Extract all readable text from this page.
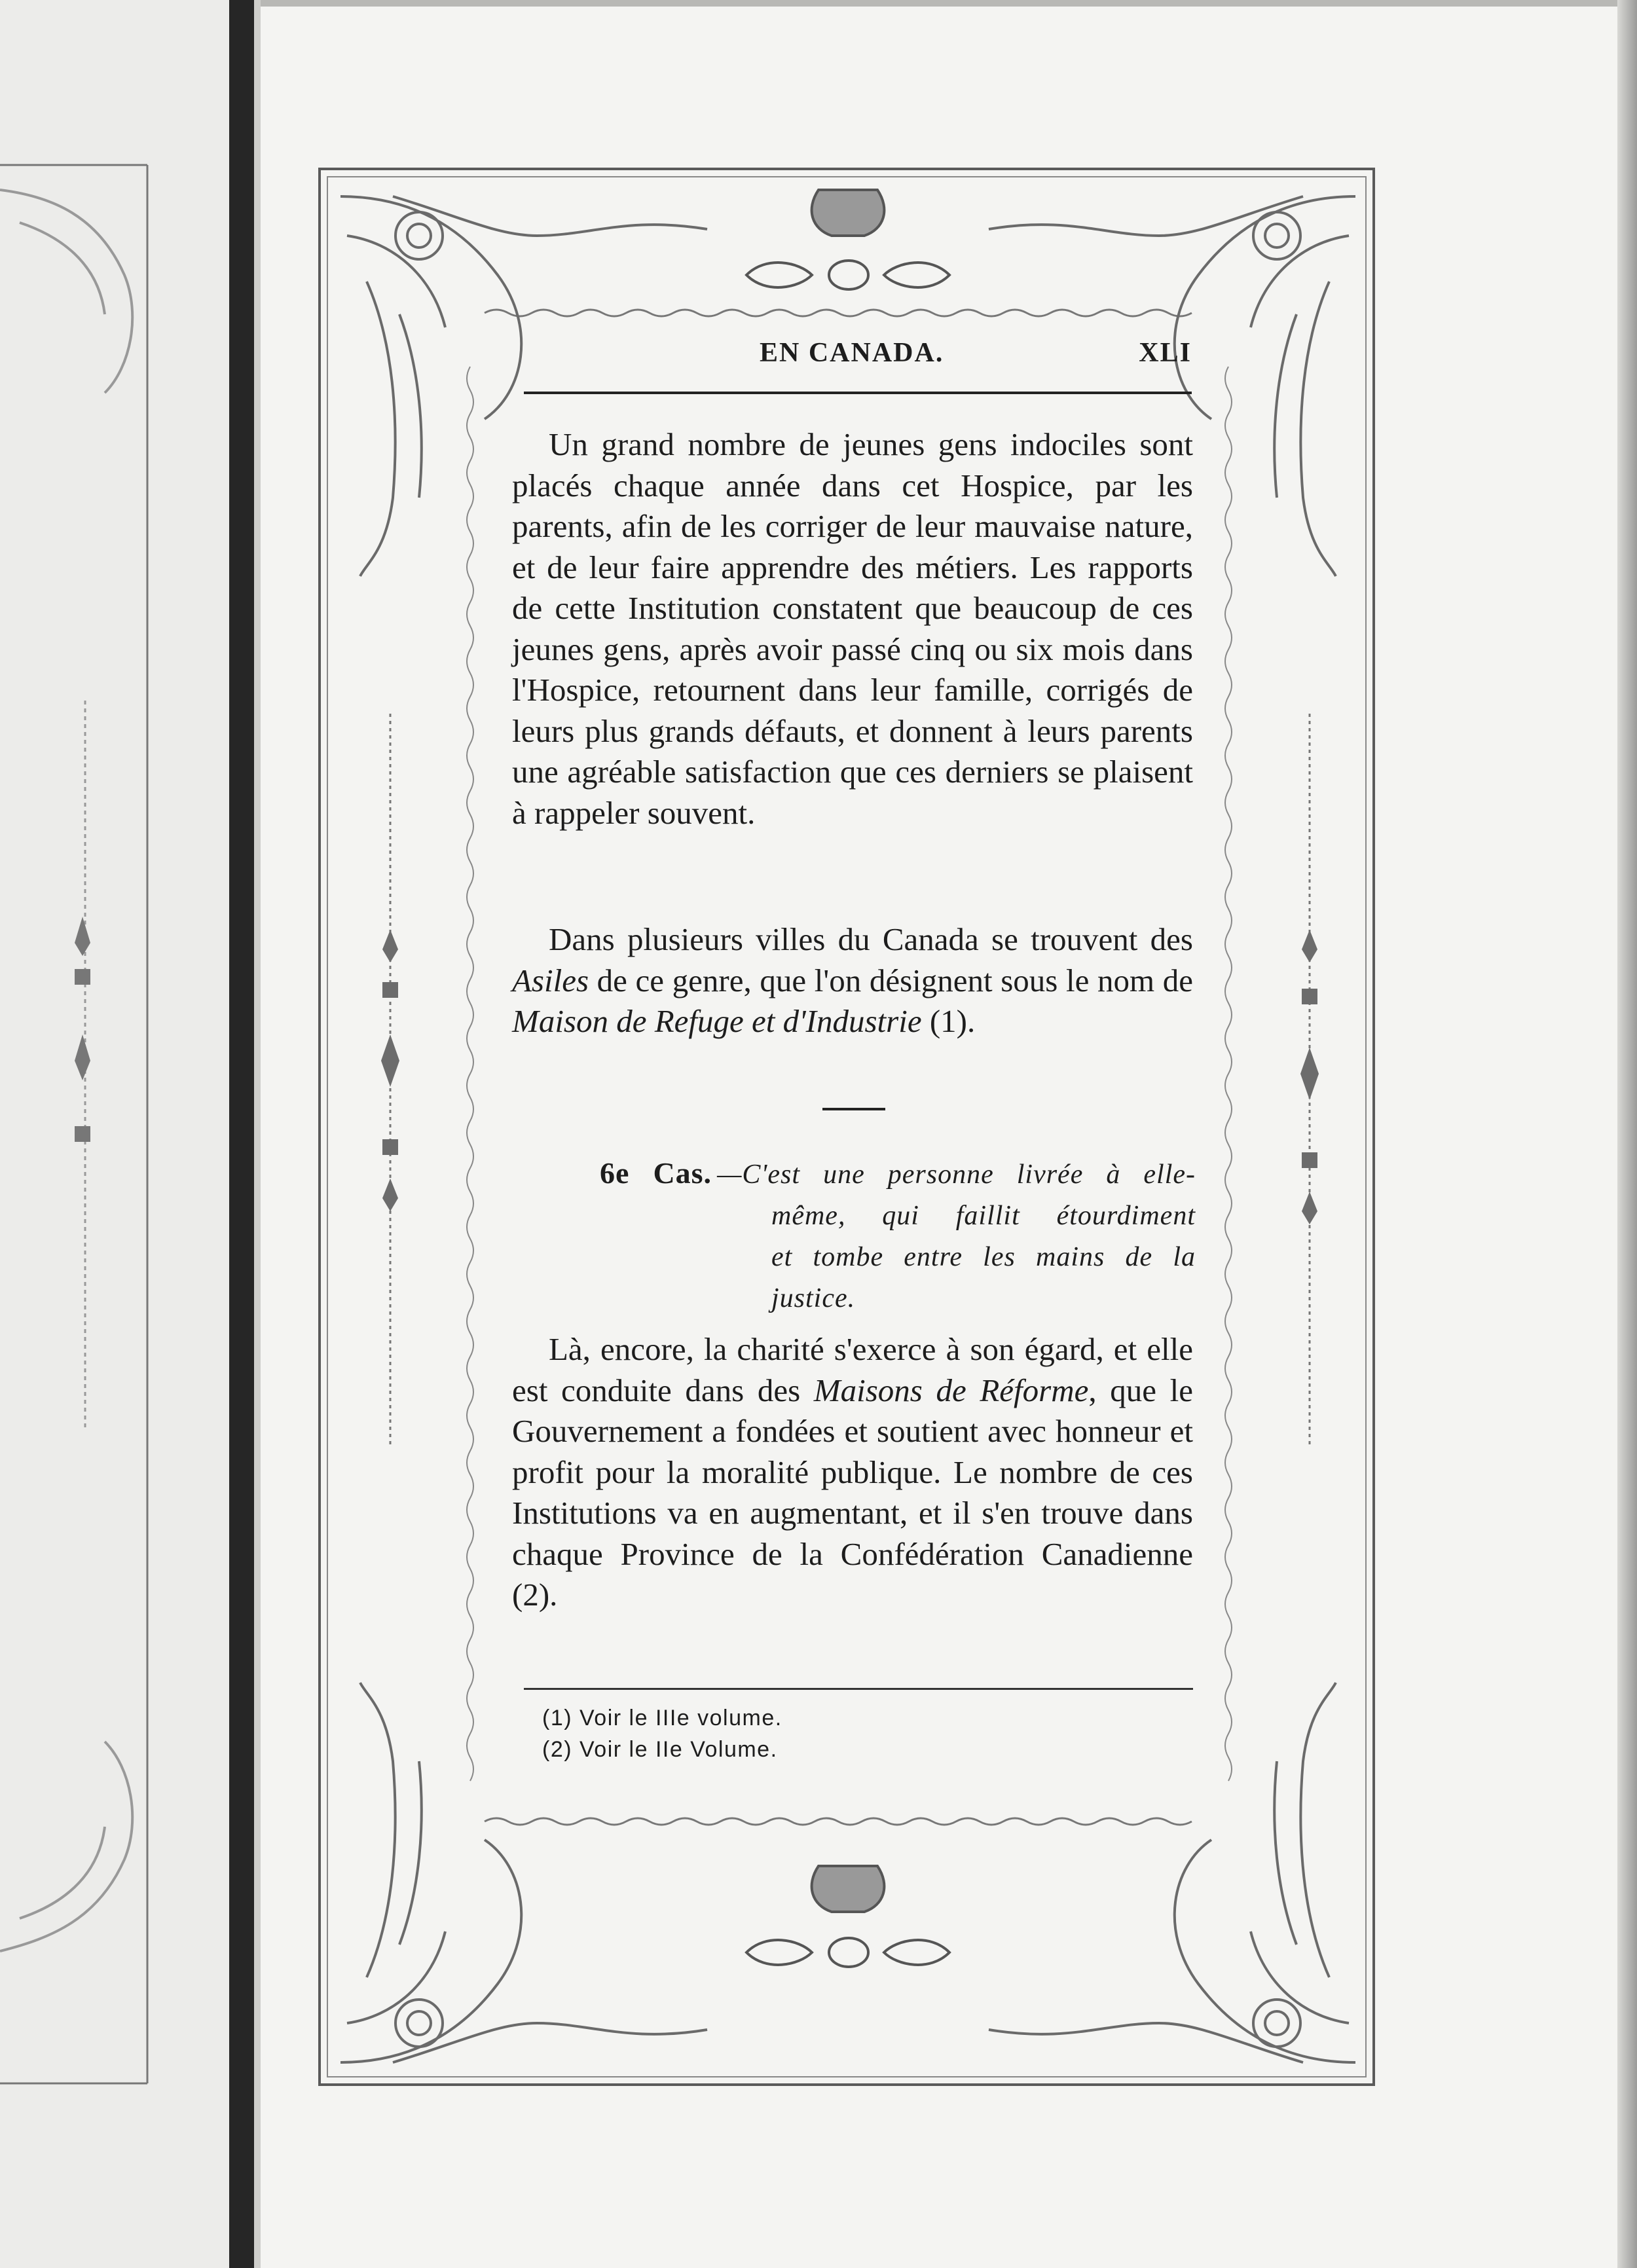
EN CANADA.	XLI

Un grand nombre de jeunes gens indociles sont placés chaque année dans cet Hospice, par les parents, afin de les corriger de leur mauvaise nature, et de leur faire apprendre des métiers. Les rapports de cette Institution constatent que beaucoup de ces jeunes gens, après avoir passé cinq ou six mois dans l'Hospice, retournent dans leur famille, corrigés de leurs plus grands défauts, et donnent à leurs parents une agréable satisfaction que ces derniers se plaisent à rappeler souvent.

Dans plusieurs villes du Canada se trouvent des Asiles de ce genre, que l'on désignent sous le nom de Maison de Refuge et d'Industrie (1).

6e Cas. —C'est une personne livrée à elle-
même, qui faillit étourdiment
et tombe entre les mains de la
justice.

Là, encore, la charité s'exerce à son égard, et elle est conduite dans des Maisons de Réforme, que le Gouvernement a fondées et soutient avec honneur et profit pour la moralité publique. Le nombre de ces Institutions va en augmentant, et il s'en trouve dans chaque Province de la Confédération Canadienne (2).

(1) Voir le IIIe volume.
(2) Voir le IIe Volume.
